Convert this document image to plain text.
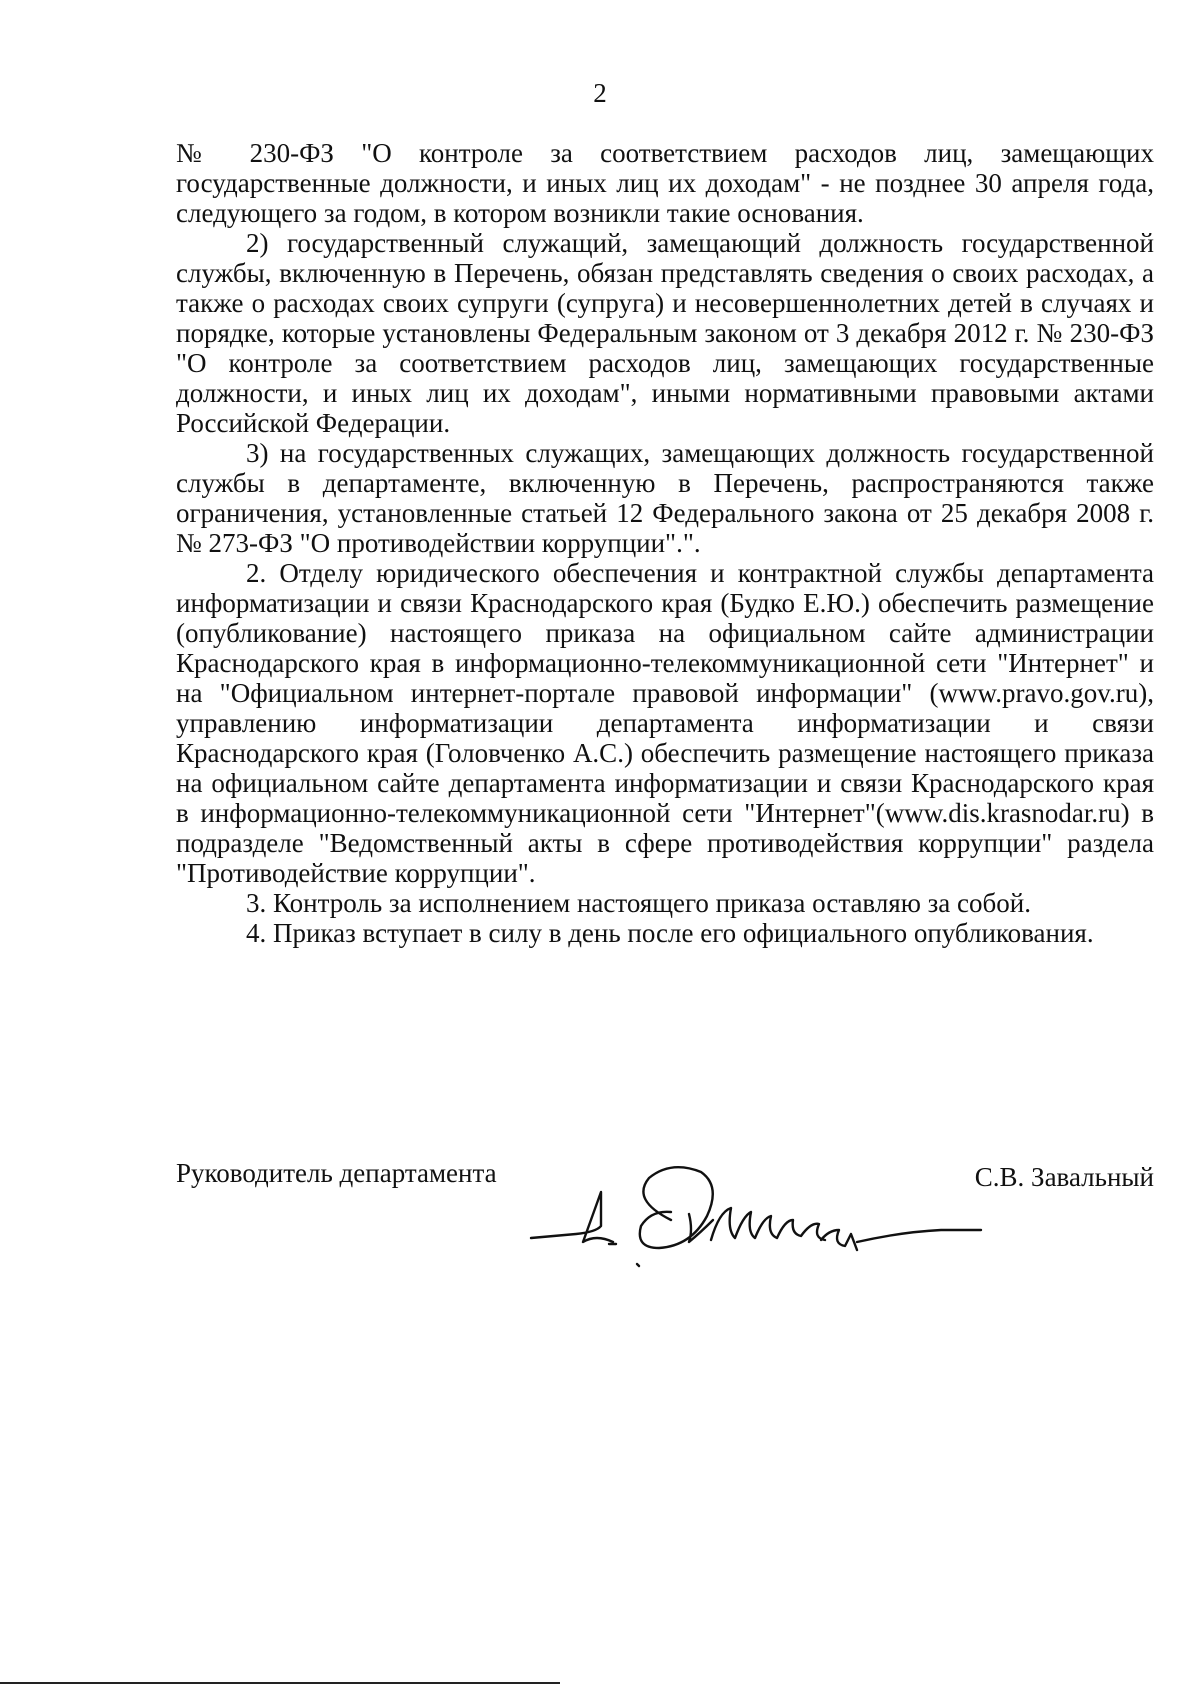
2

№ 230-ФЗ "О контроле за соответствием расходов лиц, замещающих государственные должности, и иных лиц их доходам" - не позднее 30 апреля года, следующего за годом, в котором возникли такие основания.

2) государственный служащий, замещающий должность государственной службы, включенную в Перечень, обязан представлять сведения о своих расходах, а также о расходах своих супруги (супруга) и несовершеннолетних детей в случаях и порядке, которые установлены Федеральным законом от 3 декабря 2012 г. № 230-ФЗ "О контроле за соответствием расходов лиц, замещающих государственные должности, и иных лиц их доходам", иными нормативными правовыми актами Российской Федерации.

3) на государственных служащих, замещающих должность государственной службы в департаменте, включенную в Перечень, распространяются также ограничения, установленные статьей 12 Федерального закона от 25 декабря 2008 г. № 273-ФЗ "О противодействии коррупции".".

2. Отделу юридического обеспечения и контрактной службы департамента информатизации и связи Краснодарского края (Будко Е.Ю.) обеспечить размещение (опубликование) настоящего приказа на официальном сайте администрации Краснодарского края в информационно-телекоммуникационной сети "Интернет" и на "Официальном интернет-портале правовой информации" (www.pravo.gov.ru), управлению информатизации департамента информатизации и связи Краснодарского края (Головченко А.С.) обеспечить размещение настоящего приказа на официальном сайте департамента информатизации и связи Краснодарского края в информационно-телекоммуникационной сети "Интернет"(www.dis.krasnodar.ru) в подразделе "Ведомственный акты в сфере противодействия коррупции" раздела "Противодействие коррупции".

3. Контроль за исполнением настоящего приказа оставляю за собой.

4. Приказ вступает в силу в день после его официального опубликования.

Руководитель департамента	С.В. Завальный
